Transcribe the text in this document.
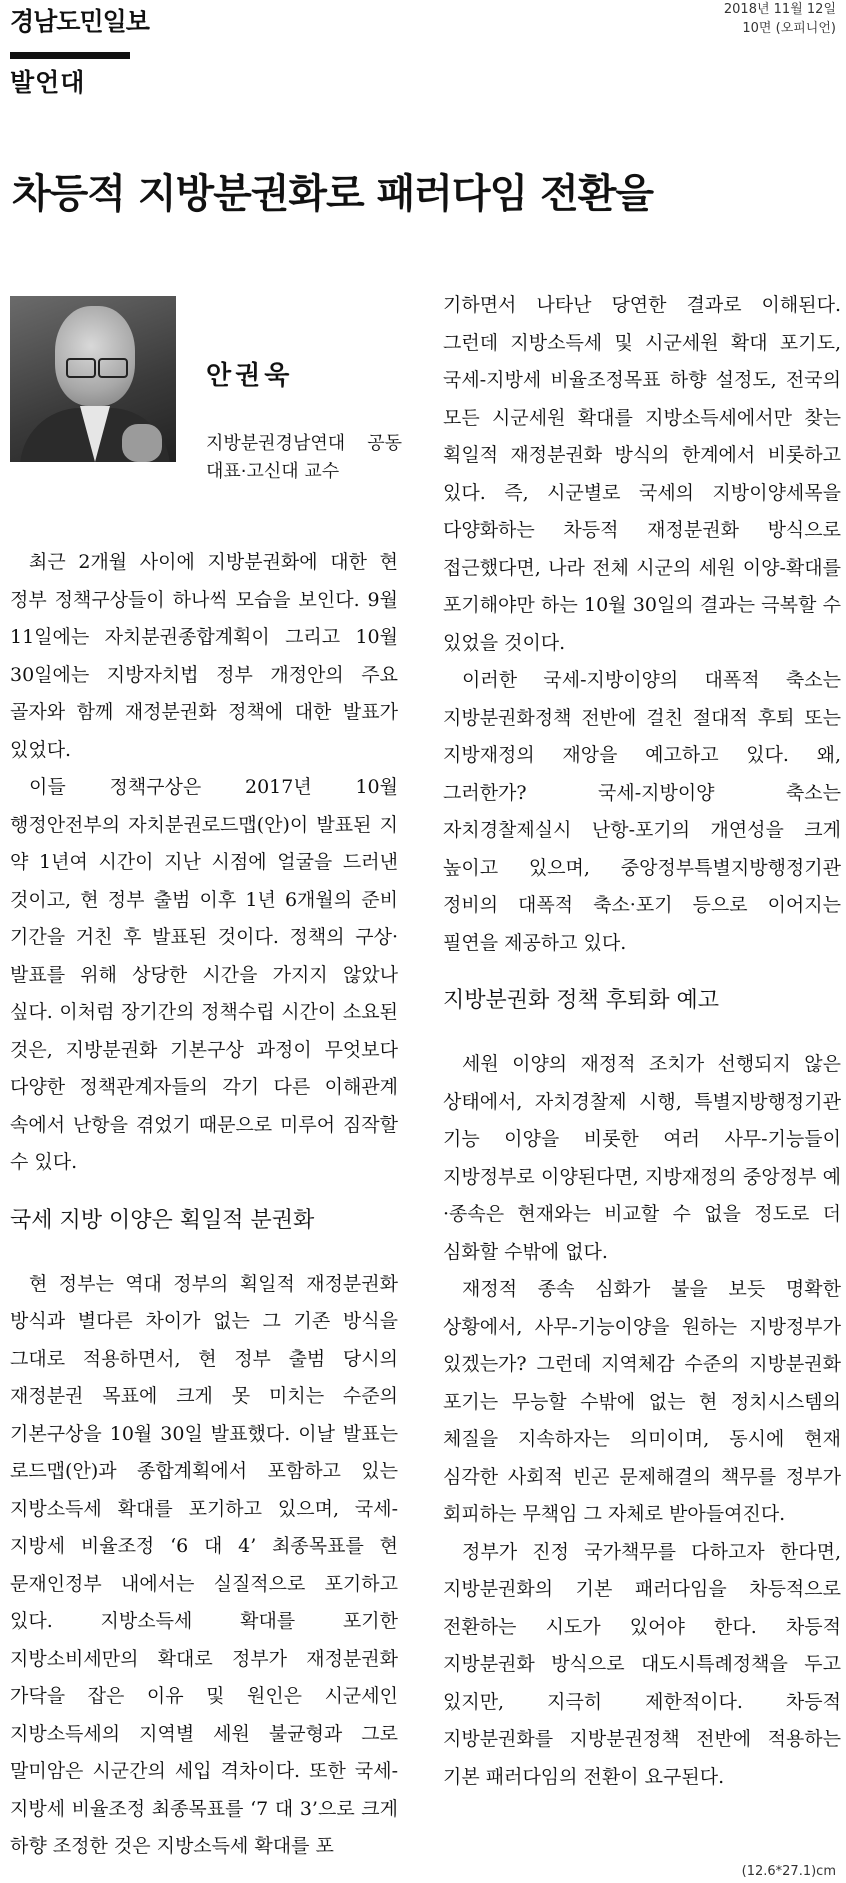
경남도민일보	2018년 11월 12일
10면 (오피니언)
발언대
차등적 지방분권화로 패러다임 전환을
안권욱
지방분권경남연대 공동대표·고신대 교수

최근 2개월 사이에 지방분권화에 대한 현 정부 정책구상들이 하나씩 모습을 보인다. 9월 11일에는 자치분권종합계획이 그리고 10월 30일에는 지방자치법 정부 개정안의 주요 골자와 함께 재정분권화 정책에 대한 발표가 있었다.

이들 정책구상은 2017년 10월 행정안전부의 자치분권로드맵(안)이 발표된 지 약 1년여 시간이 지난 시점에 얼굴을 드러낸 것이고, 현 정부 출범 이후 1년 6개월의 준비 기간을 거친 후 발표된 것이다. 정책의 구상·발표를 위해 상당한 시간을 가지지 않았나 싶다. 이처럼 장기간의 정책수립 시간이 소요된 것은, 지방분권화 기본구상 과정이 무엇보다 다양한 정책관계자들의 각기 다른 이해관계 속에서 난항을 겪었기 때문으로 미루어 짐작할 수 있다.

국세 지방 이양은 획일적 분권화

현 정부는 역대 정부의 획일적 재정분권화 방식과 별다른 차이가 없는 그 기존 방식을 그대로 적용하면서, 현 정부 출범 당시의 재정분권 목표에 크게 못 미치는 수준의 기본구상을 10월 30일 발표했다. 이날 발표는 로드맵(안)과 종합계획에서 포함하고 있는 지방소득세 확대를 포기하고 있으며, 국세-지방세 비율조정 ‘6 대 4’ 최종목표를 현 문재인정부 내에서는 실질적으로 포기하고 있다. 지방소득세 확대를 포기한 지방소비세만의 확대로 정부가 재정분권화 가닥을 잡은 이유 및 원인은 시군세인 지방소득세의 지역별 세원 불균형과 그로 말미암은 시군간의 세입 격차이다. 또한 국세-지방세 비율조정 최종목표를 ‘7 대 3’으로 크게 하향 조정한 것은 지방소득세 확대를 포

기하면서 나타난 당연한 결과로 이해된다. 그런데 지방소득세 및 시군세원 확대 포기도, 국세-지방세 비율조정목표 하향 설정도, 전국의 모든 시군세원 확대를 지방소득세에서만 찾는 획일적 재정분권화 방식의 한계에서 비롯하고 있다. 즉, 시군별로 국세의 지방이양세목을 다양화하는 차등적 재정분권화 방식으로 접근했다면, 나라 전체 시군의 세원 이양-확대를 포기해야만 하는 10월 30일의 결과는 극복할 수 있었을 것이다.

이러한 국세-지방이양의 대폭적 축소는 지방분권화정책 전반에 걸친 절대적 후퇴 또는 지방재정의 재앙을 예고하고 있다. 왜, 그러한가? 국세-지방이양 축소는 자치경찰제실시 난항-포기의 개연성을 크게 높이고 있으며, 중앙정부특별지방행정기관 정비의 대폭적 축소·포기 등으로 이어지는 필연을 제공하고 있다.

지방분권화 정책 후퇴화 예고

세원 이양의 재정적 조치가 선행되지 않은 상태에서, 자치경찰제 시행, 특별지방행정기관 기능 이양을 비롯한 여러 사무-기능들이 지방정부로 이양된다면, 지방재정의 중앙정부 예·종속은 현재와는 비교할 수 없을 정도로 더 심화할 수밖에 없다.

재정적 종속 심화가 불을 보듯 명확한 상황에서, 사무-기능이양을 원하는 지방정부가 있겠는가? 그런데 지역체감 수준의 지방분권화 포기는 무능할 수밖에 없는 현 정치시스템의 체질을 지속하자는 의미이며, 동시에 현재 심각한 사회적 빈곤 문제해결의 책무를 정부가 회피하는 무책임 그 자체로 받아들여진다.

정부가 진정 국가책무를 다하고자 한다면, 지방분권화의 기본 패러다임을 차등적으로 전환하는 시도가 있어야 한다. 차등적 지방분권화 방식으로 대도시특례정책을 두고 있지만, 지극히 제한적이다. 차등적 지방분권화를 지방분권정책 전반에 적용하는 기본 패러다임의 전환이 요구된다.

(12.6*27.1)cm
